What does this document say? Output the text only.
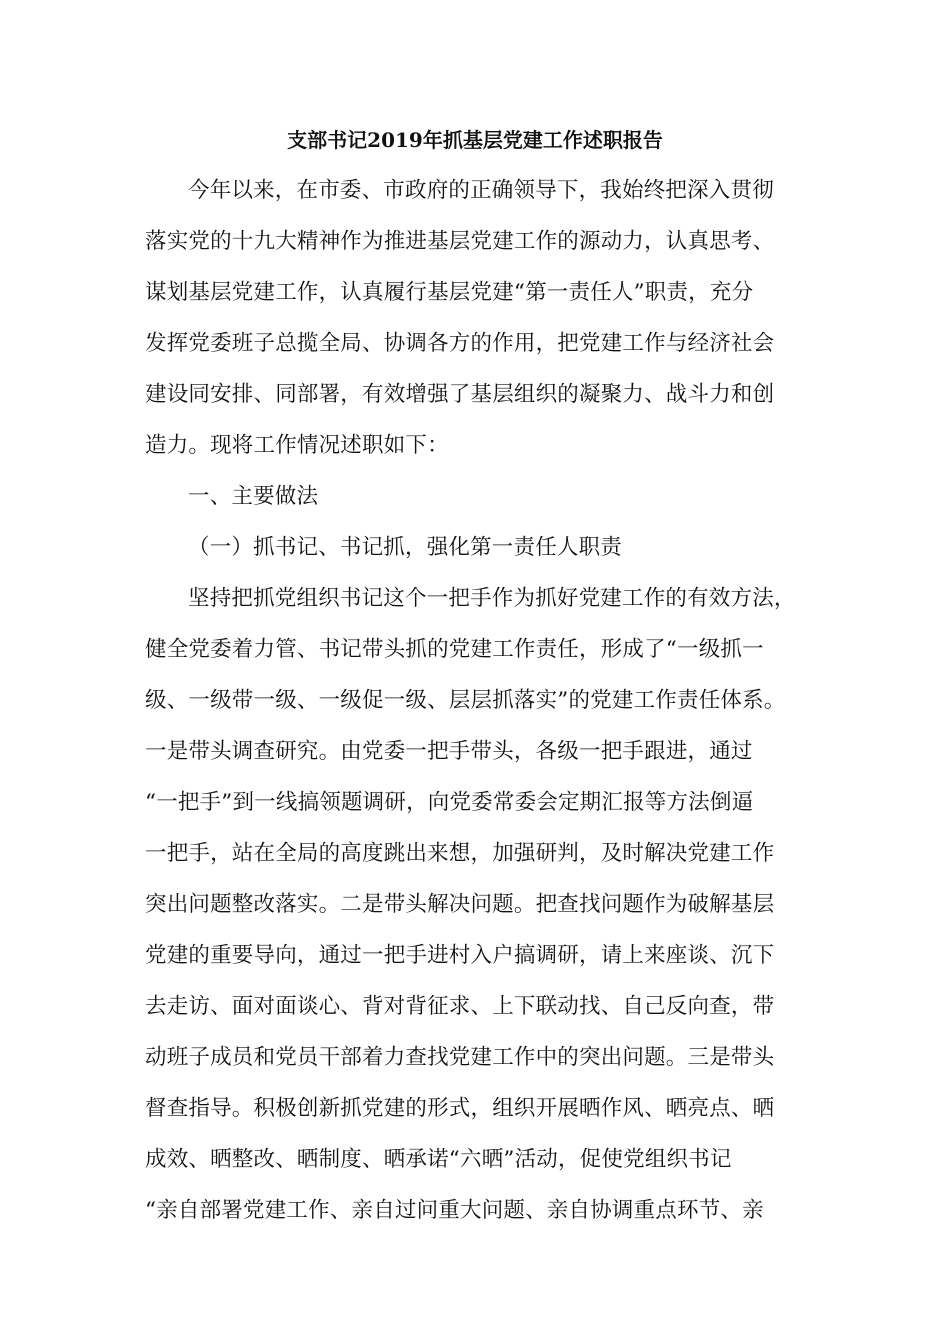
支部书记2019年抓基层党建工作述职报告
今年以来，在市委、市政府的正确领导下，我始终把深入贯彻
落实党的十九大精神作为推进基层党建工作的源动力，认真思考、
谋划基层党建工作，认真履行基层党建“第一责任人”职责，充分
发挥党委班子总揽全局、协调各方的作用，把党建工作与经济社会
建设同安排、同部署，有效增强了基层组织的凝聚力、战斗力和创
造力。现将工作情况述职如下：
一、主要做法
（一）抓书记、书记抓，强化第一责任人职责
坚持把抓党组织书记这个一把手作为抓好党建工作的有效方法，
健全党委着力管、书记带头抓的党建工作责任，形成了“一级抓一
级、一级带一级、一级促一级、层层抓落实”的党建工作责任体系。
一是带头调查研究。由党委一把手带头，各级一把手跟进，通过
“一把手”到一线搞领题调研，向党委常委会定期汇报等方法倒逼
一把手，站在全局的高度跳出来想，加强研判，及时解决党建工作
突出问题整改落实。二是带头解决问题。把查找问题作为破解基层
党建的重要导向，通过一把手进村入户搞调研，请上来座谈、沉下
去走访、面对面谈心、背对背征求、上下联动找、自己反向查，带
动班子成员和党员干部着力查找党建工作中的突出问题。三是带头
督查指导。积极创新抓党建的形式，组织开展晒作风、晒亮点、晒
成效、晒整改、晒制度、晒承诺“六晒”活动，促使党组织书记
“亲自部署党建工作、亲自过问重大问题、亲自协调重点环节、亲
